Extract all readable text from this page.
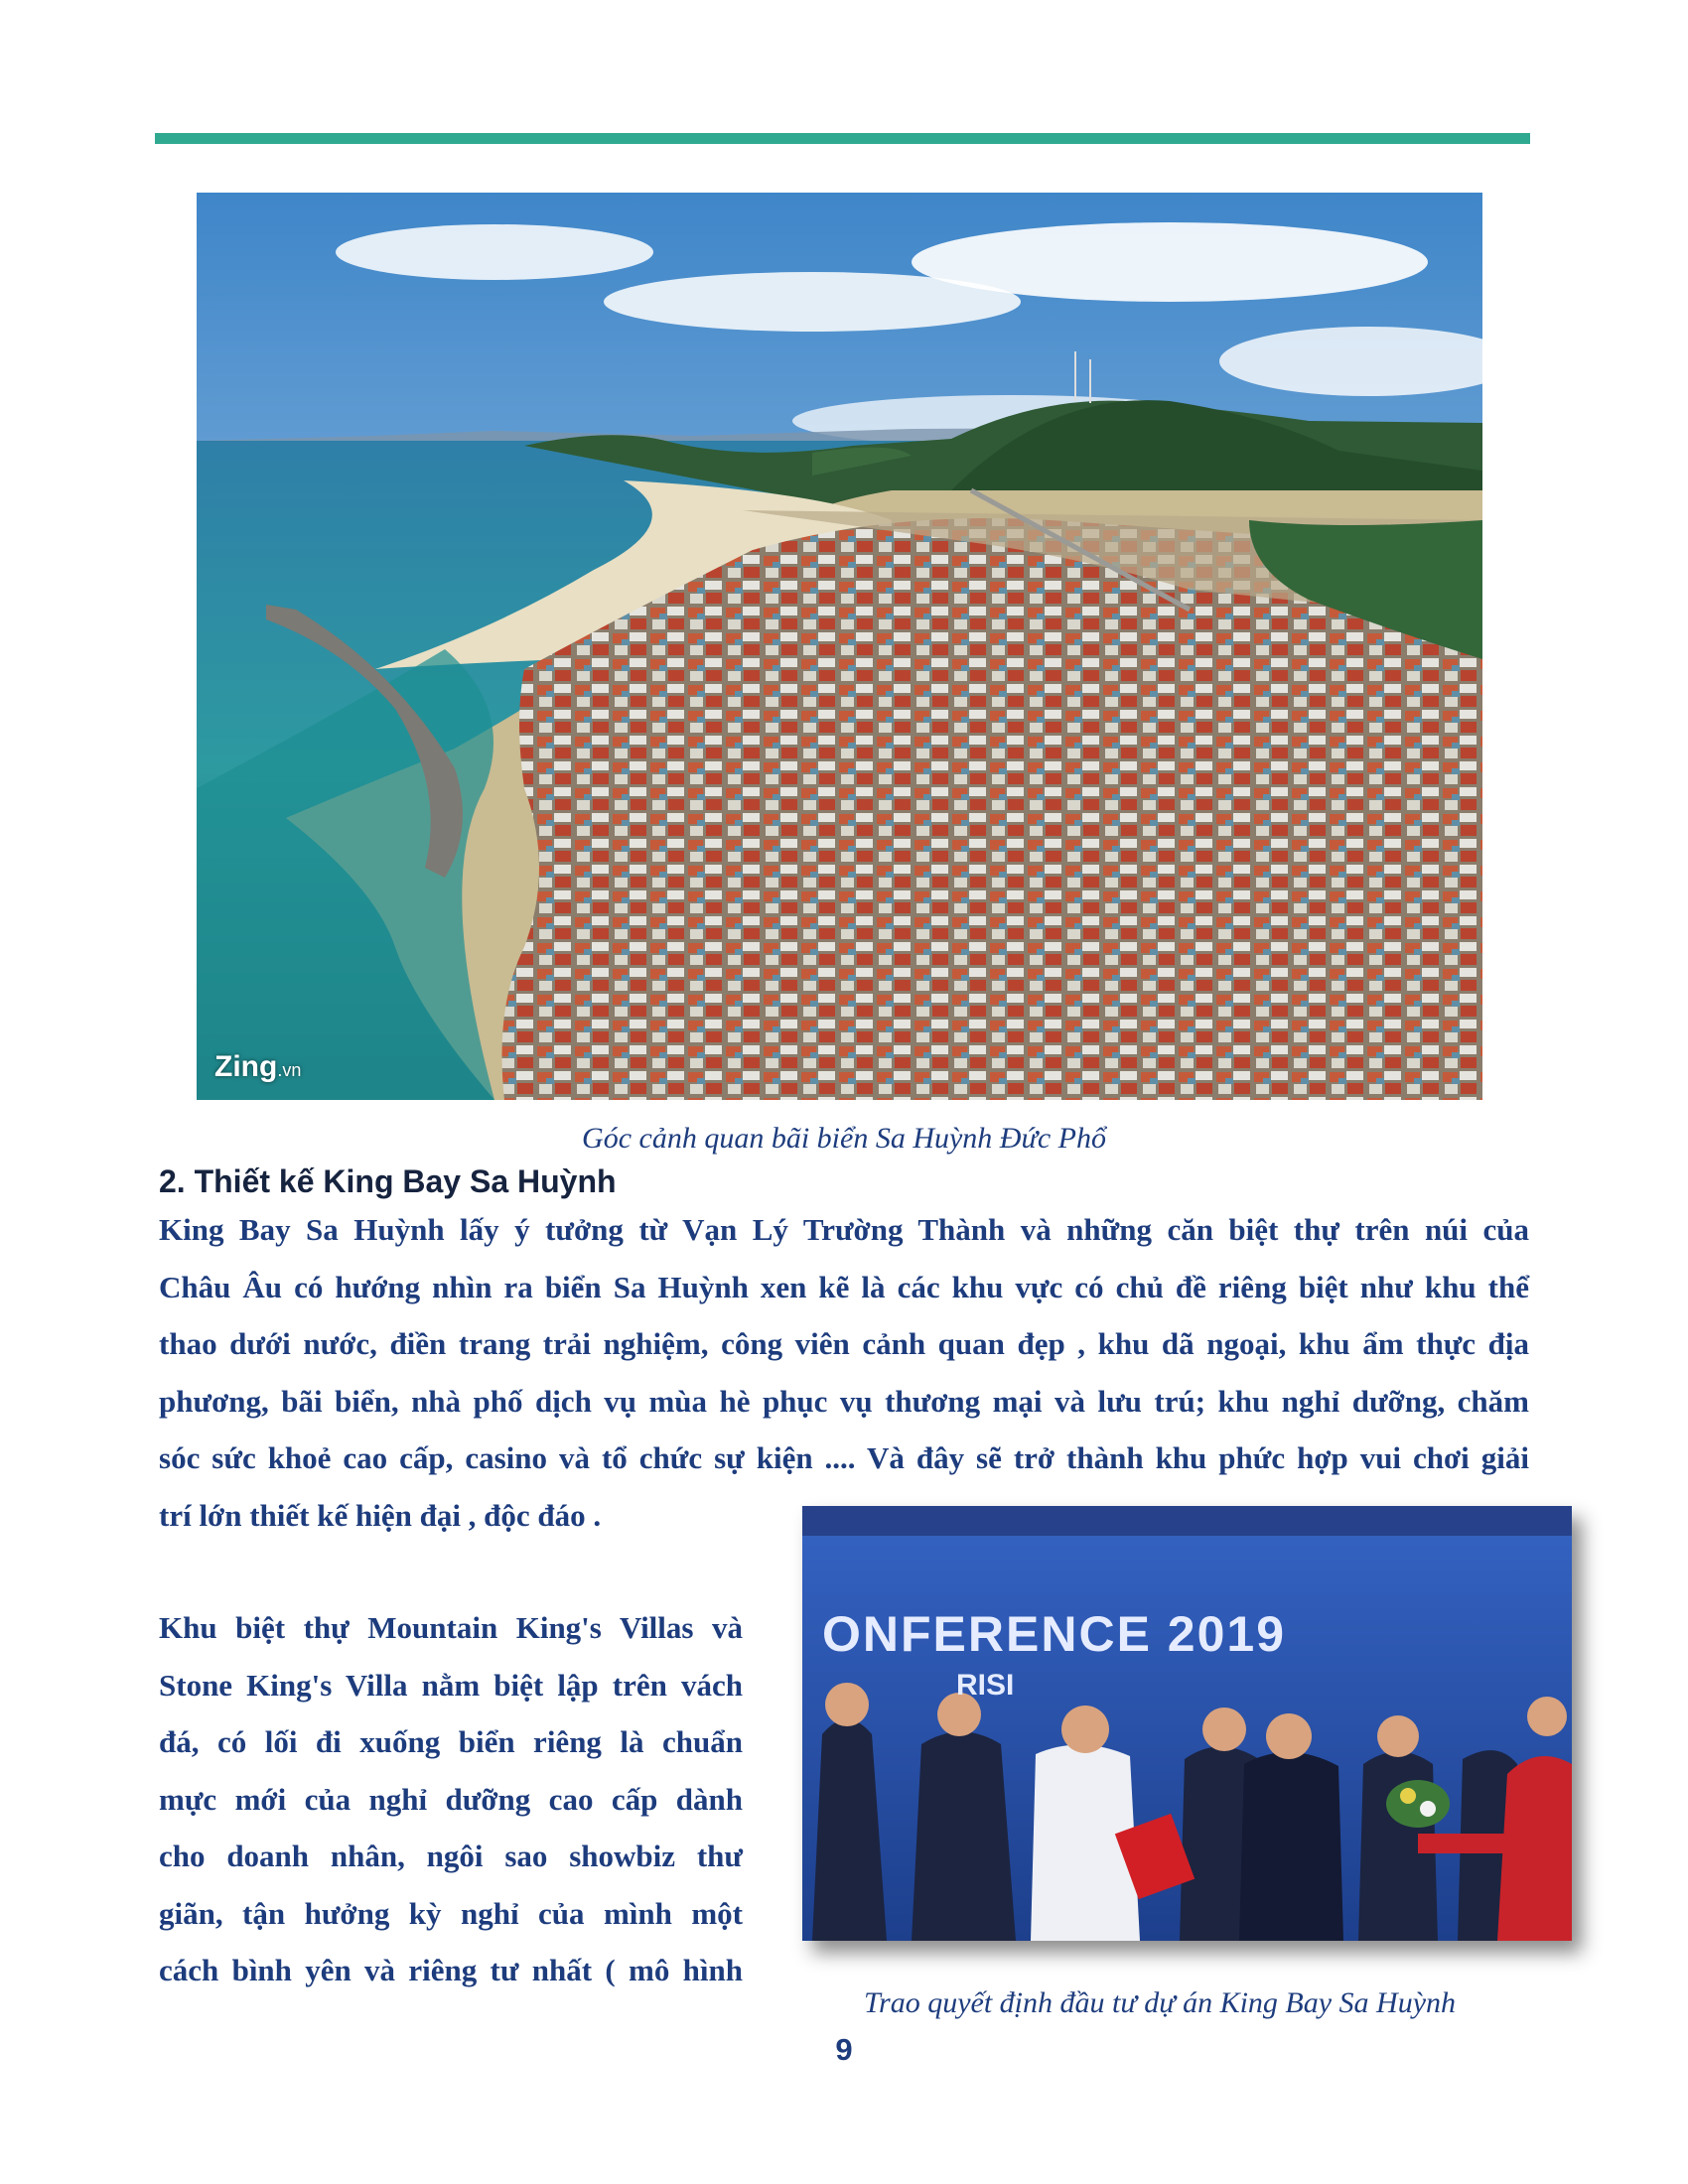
Zing.vn
Góc cảnh quan bãi biển Sa Huỳnh Đức Phổ
2. Thiết kế King Bay Sa Huỳnh
King Bay Sa Huỳnh lấy ý tưởng từ Vạn Lý Trường Thành và những căn biệt thự trên núi của
Châu Âu có hướng nhìn ra biển Sa Huỳnh xen kẽ là các khu vực có chủ đề riêng biệt như khu thể
thao dưới nước, điền trang trải nghiệm, công viên cảnh quan đẹp , khu dã ngoại, khu ẩm thực địa
phương, bãi biển, nhà phố dịch vụ mùa hè phục vụ thương mại và lưu trú; khu nghỉ dưỡng, chăm
sóc sức khoẻ cao cấp, casino và tổ chức sự kiện .... Và đây sẽ trở thành khu phức hợp vui chơi giải
trí lớn thiết kế hiện đại , độc đáo .
Khu biệt thự Mountain King's Villas và
Stone King's Villa nằm biệt lập trên vách
đá, có lối đi xuống biển riêng là chuẩn
mực mới của nghỉ dưỡng cao cấp dành
cho doanh nhân, ngôi sao showbiz thư
giãn, tận hưởng kỳ nghỉ của mình một
cách bình yên và riêng tư nhất ( mô hình
ONFERENCE 2019
RISI
Trao quyết định đầu tư dự án King Bay Sa Huỳnh
9
